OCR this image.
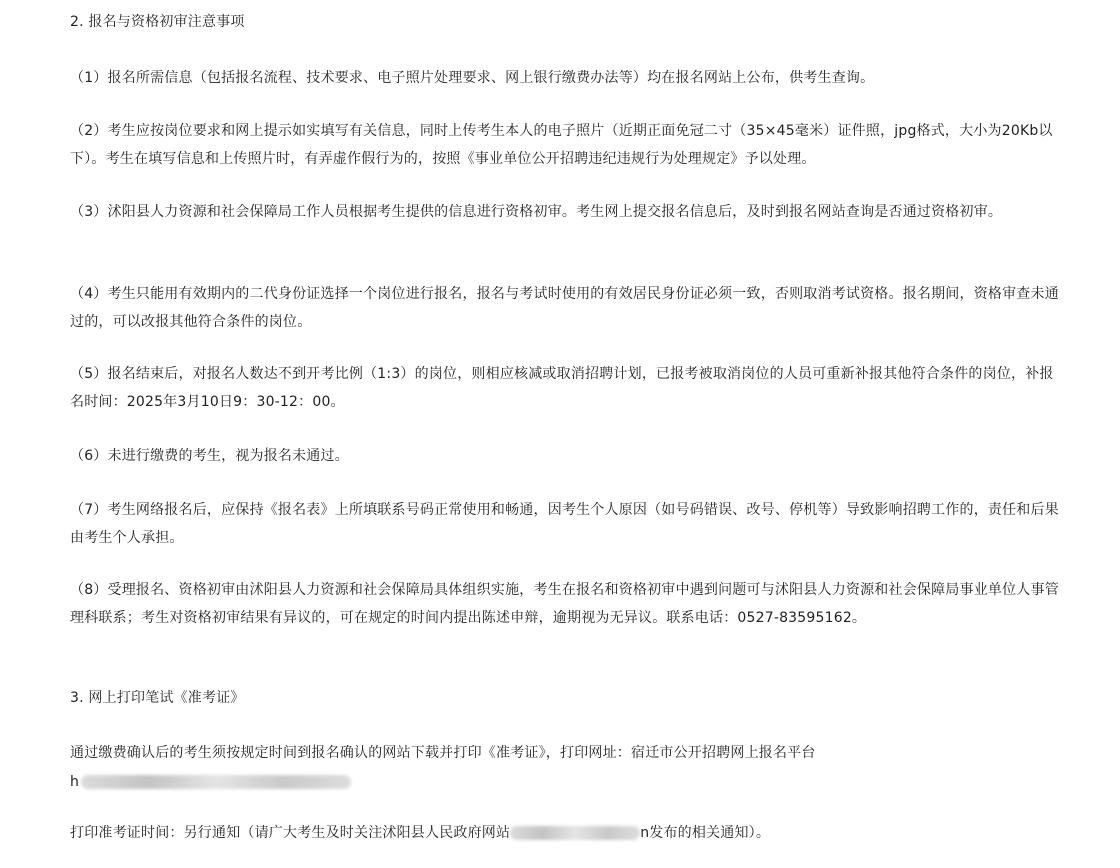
2. 报名与资格初审注意事项
（1）报名所需信息（包括报名流程、技术要求、电子照片处理要求、网上银行缴费办法等）均在报名网站上公布，供考生查询。
（2）考生应按岗位要求和网上提示如实填写有关信息，同时上传考生本人的电子照片（近期正面免冠二寸（35×45毫米）证件照，jpg格式，大小为20Kb以下）。考生在填写信息和上传照片时，有弄虚作假行为的，按照《事业单位公开招聘违纪违规行为处理规定》予以处理。
（3）沭阳县人力资源和社会保障局工作人员根据考生提供的信息进行资格初审。考生网上提交报名信息后，及时到报名网站查询是否通过资格初审。
（4）考生只能用有效期内的二代身份证选择一个岗位进行报名，报名与考试时使用的有效居民身份证必须一致，否则取消考试资格。报名期间，资格审查未通过的，可以改报其他符合条件的岗位。
（5）报名结束后，对报名人数达不到开考比例（1:3）的岗位，则相应核减或取消招聘计划，已报考被取消岗位的人员可重新补报其他符合条件的岗位，补报名时间：2025年3月10日9：30-12：00。
（6）未进行缴费的考生，视为报名未通过。
（7）考生网络报名后，应保持《报名表》上所填联系号码正常使用和畅通，因考生个人原因（如号码错误、改号、停机等）导致影响招聘工作的，责任和后果由考生个人承担。
（8）受理报名、资格初审由沭阳县人力资源和社会保障局具体组织实施，考生在报名和资格初审中遇到问题可与沭阳县人力资源和社会保障局事业单位人事管理科联系；考生对资格初审结果有异议的，可在规定的时间内提出陈述申辩，逾期视为无异议。联系电话：0527-83595162。
3. 网上打印笔试《准考证》
通过缴费确认后的考生须按规定时间到报名确认的网站下载并打印《准考证》，打印网址：宿迁市公开招聘网上报名平台
h
打印准考证时间：另行通知（请广大考生及时关注沭阳县人民政府网站	n发布的相关通知）。
